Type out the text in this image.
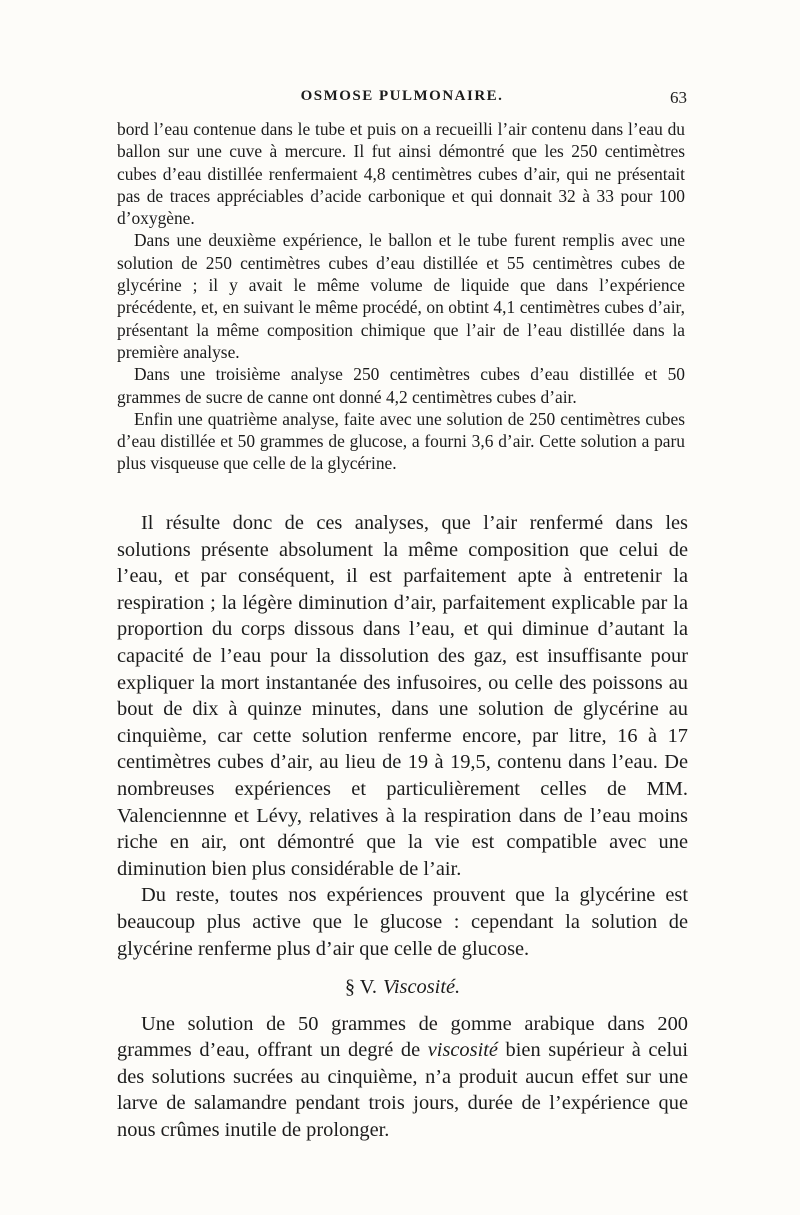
OSMOSE PULMONAIRE.	63

bord l’eau contenue dans le tube et puis on a recueilli l’air contenu dans l’eau du ballon sur une cuve à mercure. Il fut ainsi démontré que les 250 centimètres cubes d’eau distillée renfermaient 4,8 centimètres cubes d’air, qui ne présentait pas de traces appréciables d’acide carbonique et qui donnait 32 à 33 pour 100 d’oxygène.

Dans une deuxième expérience, le ballon et le tube furent remplis avec une solution de 250 centimètres cubes d’eau distillée et 55 centimètres cubes de glycérine ; il y avait le même volume de liquide que dans l’expérience précédente, et, en suivant le même procédé, on obtint 4,1 centimètres cubes d’air, présentant la même composition chimique que l’air de l’eau distillée dans la première analyse.

Dans une troisième analyse 250 centimètres cubes d’eau distillée et 50 grammes de sucre de canne ont donné 4,2 centimètres cubes d’air.

Enfin une quatrième analyse, faite avec une solution de 250 centimètres cubes d’eau distillée et 50 grammes de glucose, a fourni 3,6 d’air. Cette solution a paru plus visqueuse que celle de la glycérine.

Il résulte donc de ces analyses, que l’air renfermé dans les solutions présente absolument la même composition que celui de l’eau, et par conséquent, il est parfaitement apte à entretenir la respiration ; la légère diminution d’air, parfaitement explicable par la proportion du corps dissous dans l’eau, et qui diminue d’autant la capacité de l’eau pour la dissolution des gaz, est insuffisante pour expliquer la mort instantanée des infusoires, ou celle des poissons au bout de dix à quinze minutes, dans une solution de glycérine au cinquième, car cette solution renferme encore, par litre, 16 à 17 centimètres cubes d’air, au lieu de 19 à 19,5, contenu dans l’eau. De nombreuses expériences et particulièrement celles de MM. Valenciennne et Lévy, relatives à la respiration dans de l’eau moins riche en air, ont démontré que la vie est compatible avec une diminution bien plus considérable de l’air.

Du reste, toutes nos expériences prouvent que la glycérine est beaucoup plus active que le glucose : cependant la solution de glycérine renferme plus d’air que celle de glucose.

§ V. Viscosité.

Une solution de 50 grammes de gomme arabique dans 200 grammes d’eau, offrant un degré de viscosité bien supérieur à celui des solutions sucrées au cinquième, n’a produit aucun effet sur une larve de salamandre pendant trois jours, durée de l’expérience que nous crûmes inutile de prolonger.
